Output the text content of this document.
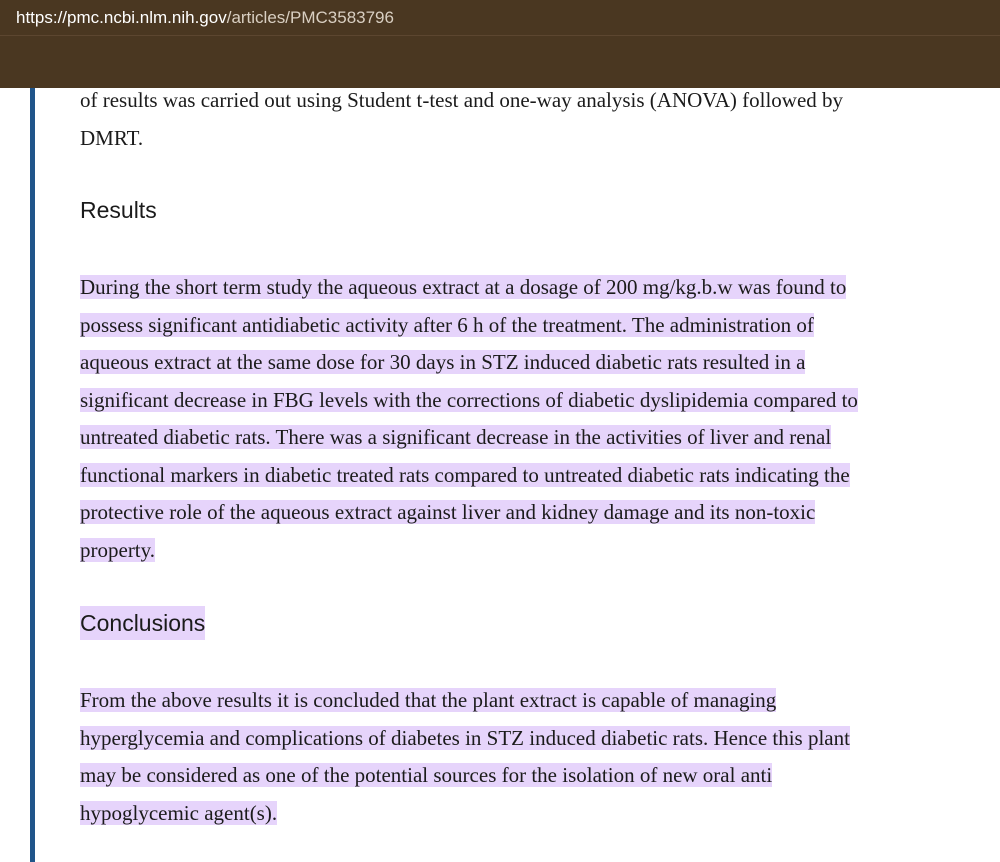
https://pmc.ncbi.nlm.nih.gov/articles/PMC3583796
of results was carried out using Student t-test and one-way analysis (ANOVA) followed by
DMRT.
Results
During the short term study the aqueous extract at a dosage of 200 mg/kg.b.w was found to
possess significant antidiabetic activity after 6 h of the treatment. The administration of
aqueous extract at the same dose for 30 days in STZ induced diabetic rats resulted in a
significant decrease in FBG levels with the corrections of diabetic dyslipidemia compared to
untreated diabetic rats. There was a significant decrease in the activities of liver and renal
functional markers in diabetic treated rats compared to untreated diabetic rats indicating the
protective role of the aqueous extract against liver and kidney damage and its non-toxic
property.
Conclusions
From the above results it is concluded that the plant extract is capable of managing
hyperglycemia and complications of diabetes in STZ induced diabetic rats. Hence this plant
may be considered as one of the potential sources for the isolation of new oral anti
hypoglycemic agent(s).
